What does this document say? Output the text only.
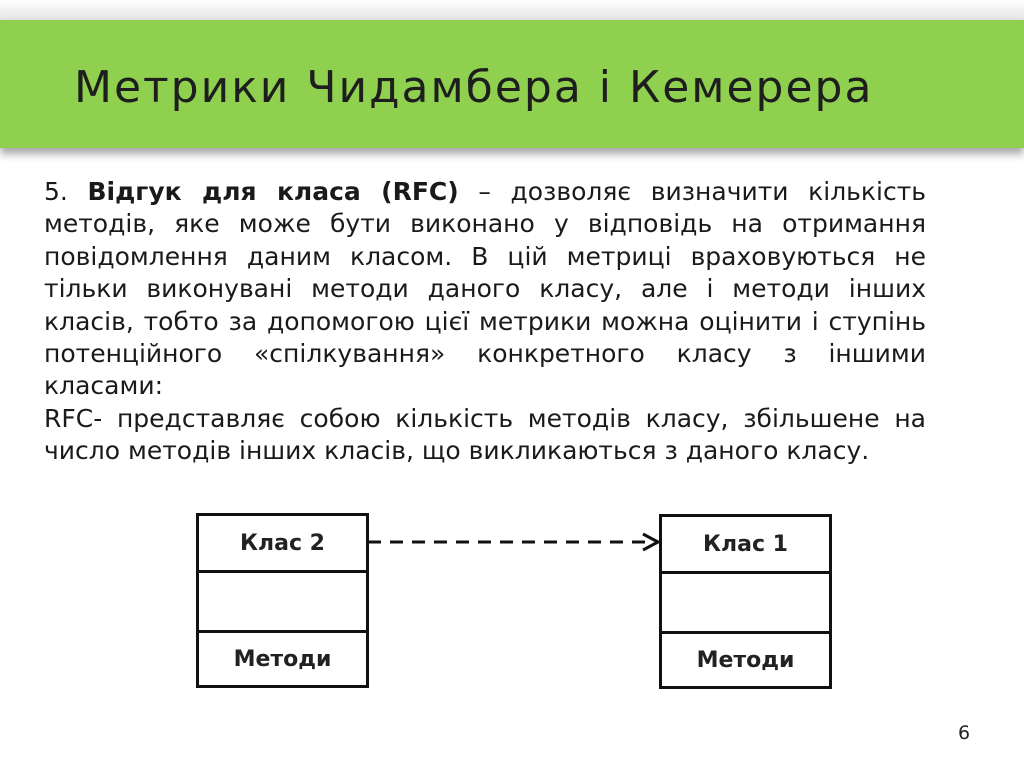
Метрики Чидамбера і Кемерера

5. Відгук для класа (RFC) – дозволяє визначити кількість методів, яке може бути виконано у відповідь на отримання повідомлення даним класом. В цій метриці враховуються не тільки виконувані методи даного класу, але і методи інших класів, тобто за допомогою цієї метрики можна оцінити і ступінь потенційного «спілкування» конкретного класу з іншими класами:

RFC- представляє собою кількість методів класу, збільшене на число методів інших класів, що викликаються з даного класу.

Клас 2
Методи
Клас 1
Методи
6
